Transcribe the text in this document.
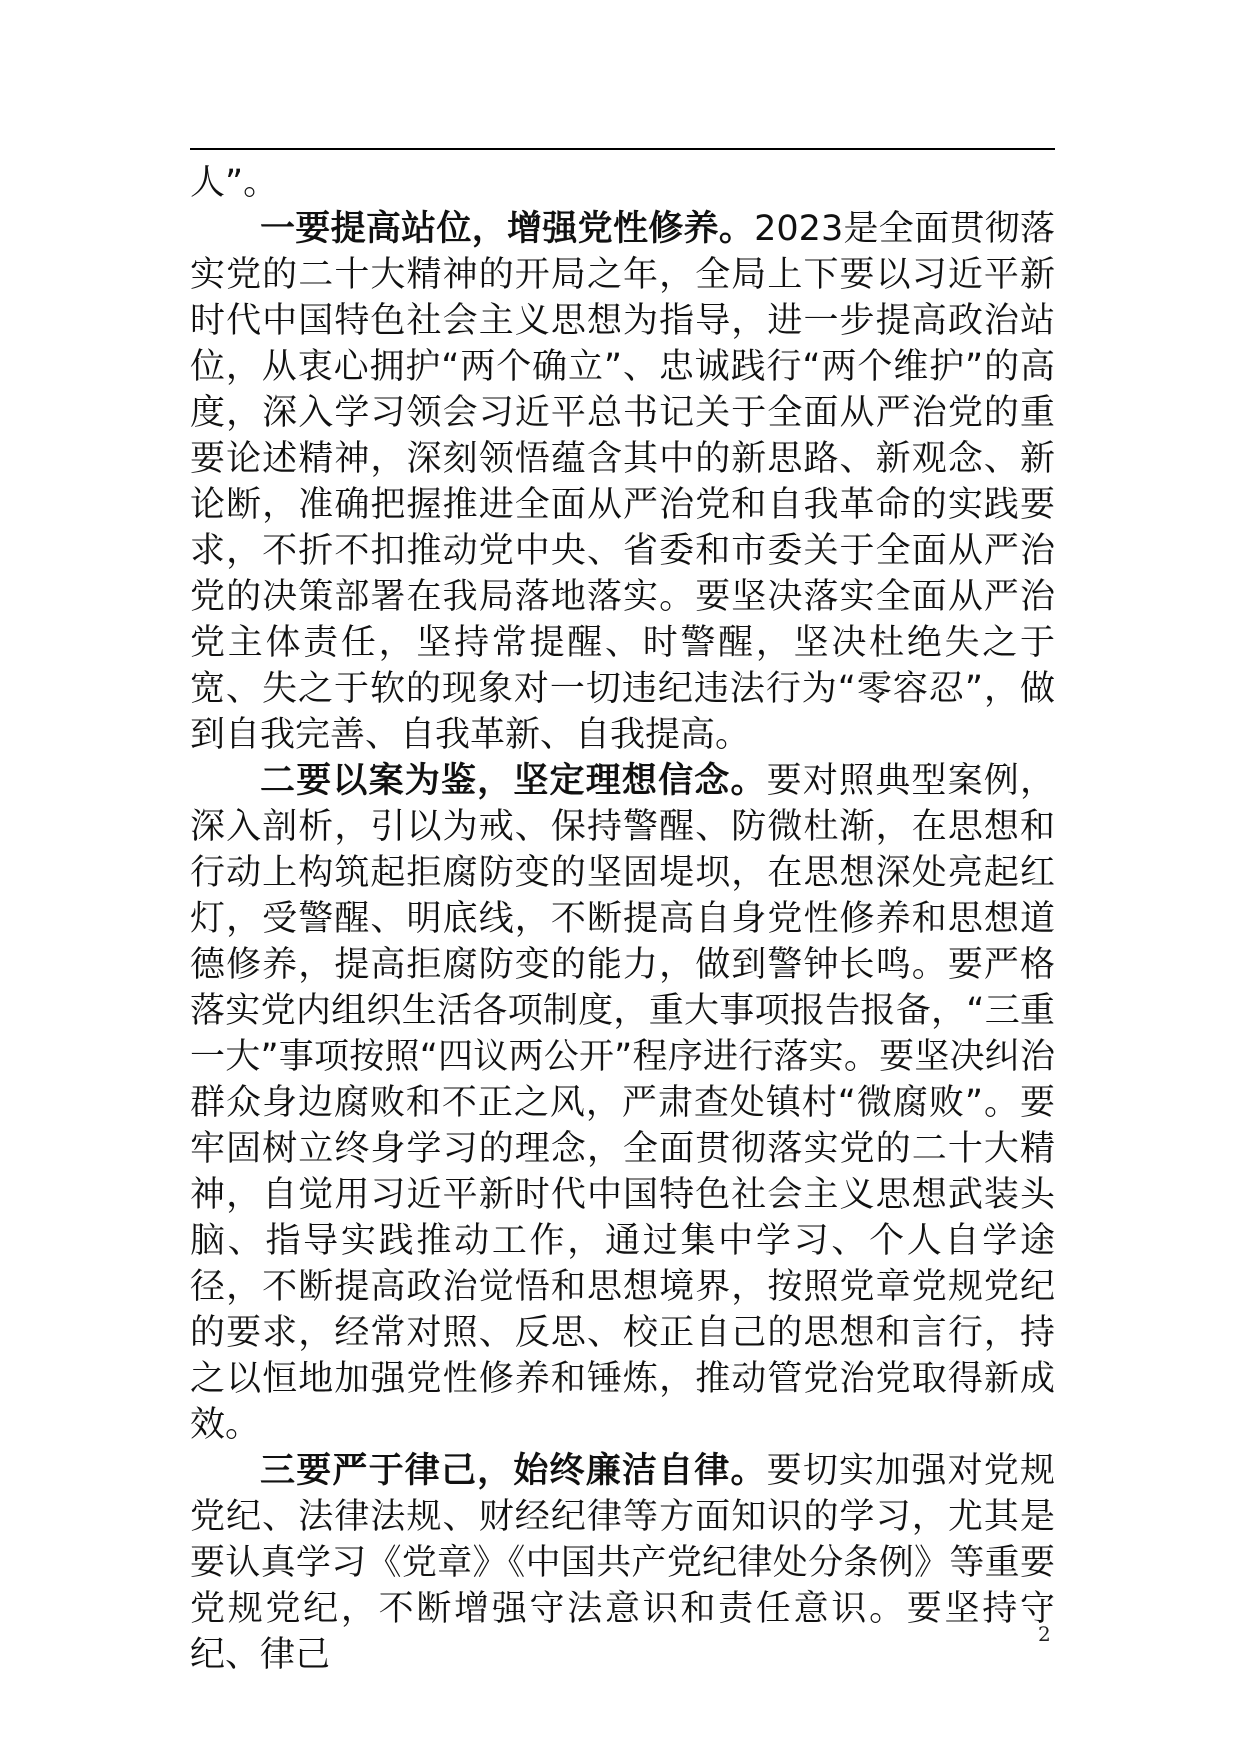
人”。

一要提高站位，增强党性修养。2023是全面贯彻落实党的二十大精神的开局之年，全局上下要以习近平新时代中国特色社会主义思想为指导，进一步提高政治站位，从衷心拥护“两个确立”、忠诚践行“两个维护”的高度，深入学习领会习近平总书记关于全面从严治党的重要论述精神，深刻领悟蕴含其中的新思路、新观念、新论断，准确把握推进全面从严治党和自我革命的实践要求，不折不扣推动党中央、省委和市委关于全面从严治党的决策部署在我局落地落实。要坚决落实全面从严治党主体责任，坚持常提醒、时警醒，坚决杜绝失之于宽、失之于软的现象对一切违纪违法行为“零容忍”，做到自我完善、自我革新、自我提高。

二要以案为鉴，坚定理想信念。要对照典型案例，深入剖析，引以为戒、保持警醒、防微杜渐，在思想和行动上构筑起拒腐防变的坚固堤坝，在思想深处亮起红灯，受警醒、明底线，不断提高自身党性修养和思想道德修养，提高拒腐防变的能力，做到警钟长鸣。要严格落实党内组织生活各项制度，重大事项报告报备，“三重一大”事项按照“四议两公开”程序进行落实。要坚决纠治群众身边腐败和不正之风，严肃查处镇村“微腐败”。要牢固树立终身学习的理念，全面贯彻落实党的二十大精神，自觉用习近平新时代中国特色社会主义思想武装头脑、指导实践推动工作，通过集中学习、个人自学途径，不断提高政治觉悟和思想境界，按照党章党规党纪的要求，经常对照、反思、校正自己的思想和言行，持之以恒地加强党性修养和锤炼，推动管党治党取得新成效。

三要严于律己，始终廉洁自律。要切实加强对党规党纪、法律法规、财经纪律等方面知识的学习，尤其是要认真学习《党章》《中国共产党纪律处分条例》等重要党规党纪，不断增强守法意识和责任意识。要坚持守纪、律己

2
